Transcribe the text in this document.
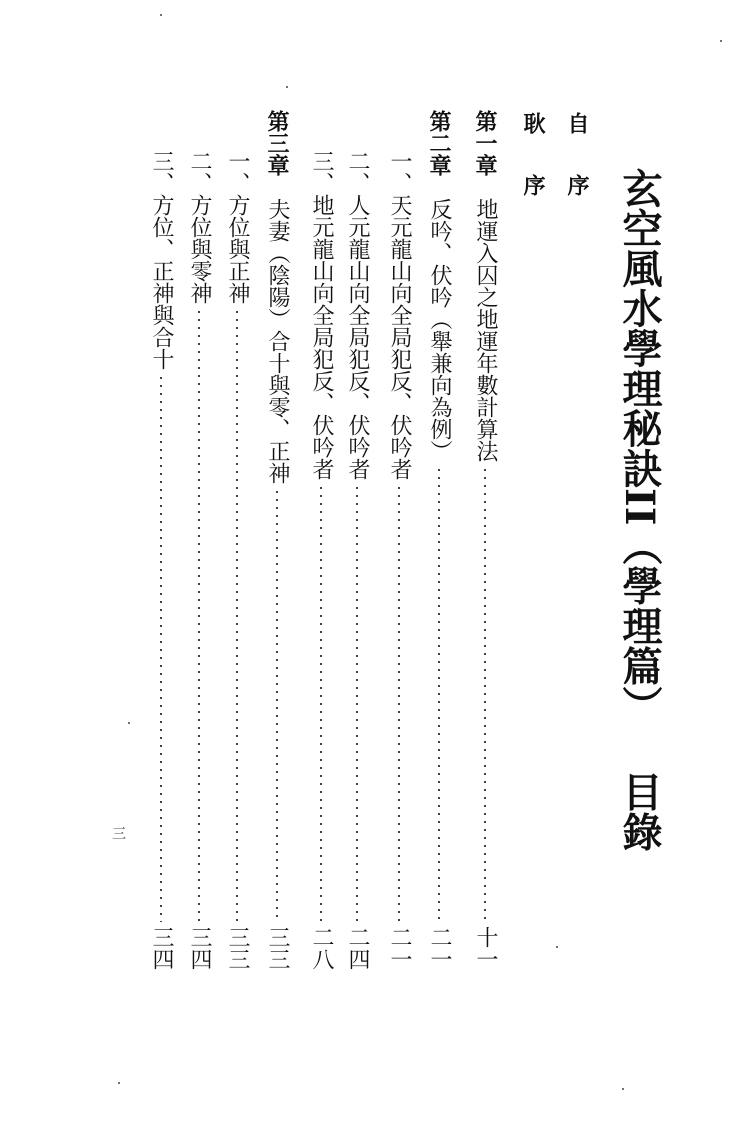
玄空風水學理秘訣II（學理篇）目錄
自序
耿序
第一章
地運入囚之地運年數計算法
十一
第二章
反吟、伏吟（舉兼向為例）
二一
一、天元龍山向全局犯反、伏吟者
二一
二、人元龍山向全局犯反、伏吟者
二四
三、地元龍山向全局犯反、伏吟者
二八
第三章
夫妻（陰陽）合十與零、正神
三三
一、方位與正神
三三
二、方位與零神
三四
三、方位、正神與合十
三四
三
